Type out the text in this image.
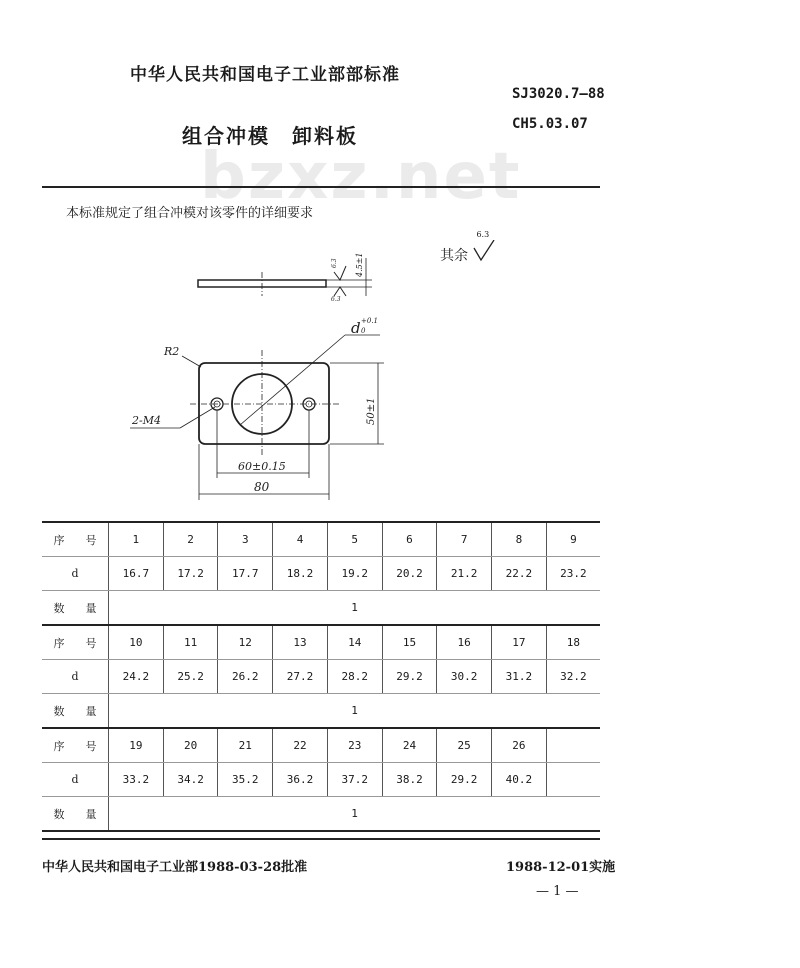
bzxz.net
中华人民共和国电子工业部部标准
SJ3020.7—88
CH5.03.07
组合冲模　卸料板
本标准规定了组合冲模对该零件的详细要求
其余
6.3
R2
2-M4
d +0.1
0
60±0.15
80
50±1
4.5±1
6.3
6.3
序 号	1	2	3	4	5	6	7	8	9
d	16.7	17.2	17.7	18.2	19.2	20.2	21.2	22.2	23.2
数 量	1								
序 号	10	11	12	13	14	15	16	17	18
d	24.2	25.2	26.2	27.2	28.2	29.2	30.2	31.2	32.2
数 量	1								
序 号	19	20	21	22	23	24	25	26	
d	33.2	34.2	35.2	36.2	37.2	38.2	29.2	40.2	
数 量	1								
中华人民共和国电子工业部1988-03-28批准	1988-12-01实施
— 1 —
